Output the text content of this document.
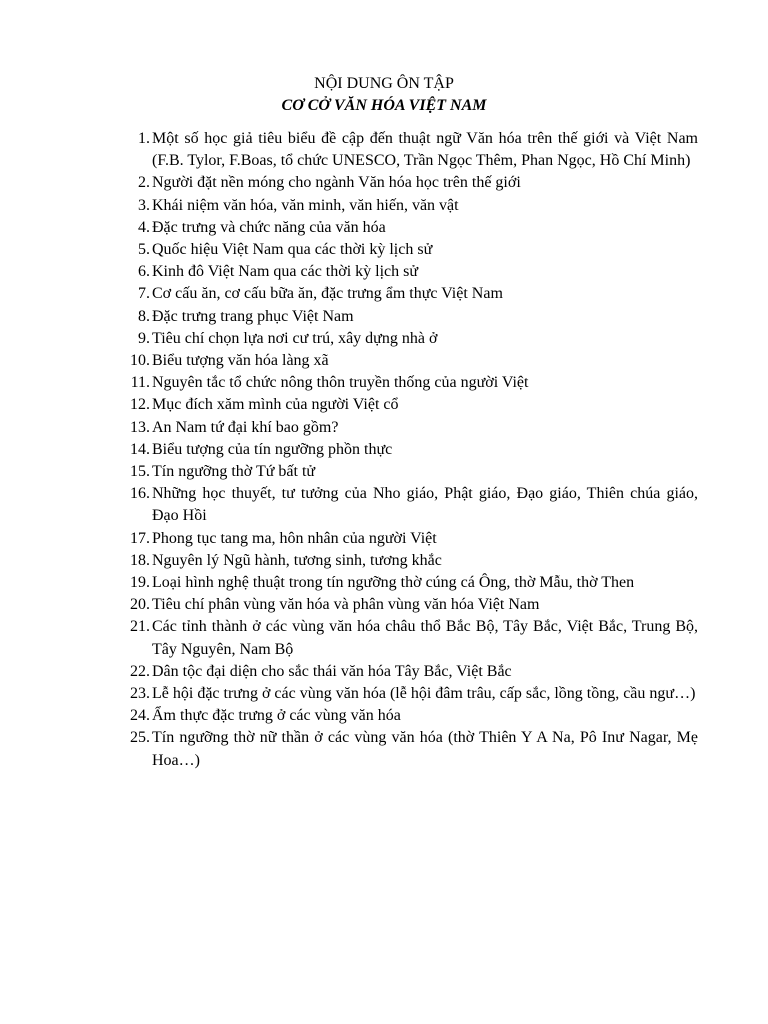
NỘI DUNG ÔN TẬP
CƠ CỞ VĂN HÓA VIỆT NAM
1. Một số học giả tiêu biểu đề cập đến thuật ngữ Văn hóa trên thế giới và Việt Nam (F.B. Tylor, F.Boas, tổ chức UNESCO, Trần Ngọc Thêm, Phan Ngọc, Hồ Chí Minh)
2. Người đặt nền móng cho ngành Văn hóa học trên thế giới
3. Khái niệm văn hóa, văn minh, văn hiến, văn vật
4. Đặc trưng và chức năng của văn hóa
5. Quốc hiệu Việt Nam qua các thời kỳ lịch sử
6. Kinh đô Việt Nam qua các thời kỳ lịch sử
7. Cơ cấu ăn, cơ cấu bữa ăn, đặc trưng ẩm thực Việt Nam
8. Đặc trưng trang phục Việt Nam
9. Tiêu chí chọn lựa nơi cư trú, xây dựng nhà ở
10. Biểu tượng văn hóa làng xã
11. Nguyên tắc tổ chức nông thôn truyền thống của người Việt
12. Mục đích xăm mình của người Việt cổ
13. An Nam tứ đại khí bao gồm?
14. Biểu tượng của tín ngưỡng phồn thực
15. Tín ngưỡng thờ Tứ bất tử
16. Những học thuyết, tư tưởng của Nho giáo, Phật giáo, Đạo giáo, Thiên chúa giáo, Đạo Hồi
17. Phong tục tang ma, hôn nhân của người Việt
18. Nguyên lý Ngũ hành, tương sinh, tương khắc
19. Loại hình nghệ thuật trong tín ngưỡng thờ cúng cá Ông, thờ Mẫu, thờ Then
20. Tiêu chí phân vùng văn hóa và phân vùng văn hóa Việt Nam
21. Các tỉnh thành ở các vùng văn hóa châu thổ Bắc Bộ, Tây Bắc, Việt Bắc, Trung Bộ, Tây Nguyên, Nam Bộ
22. Dân tộc đại diện cho sắc thái văn hóa Tây Bắc, Việt Bắc
23. Lễ hội đặc trưng ở các vùng văn hóa (lễ hội đâm trâu, cấp sắc, lồng tồng, cầu ngư…)
24. Ẩm thực đặc trưng ở các vùng văn hóa
25. Tín ngưỡng thờ nữ thần ở các vùng văn hóa (thờ Thiên Y A Na, Pô Inư Nagar, Mẹ Hoa…)
